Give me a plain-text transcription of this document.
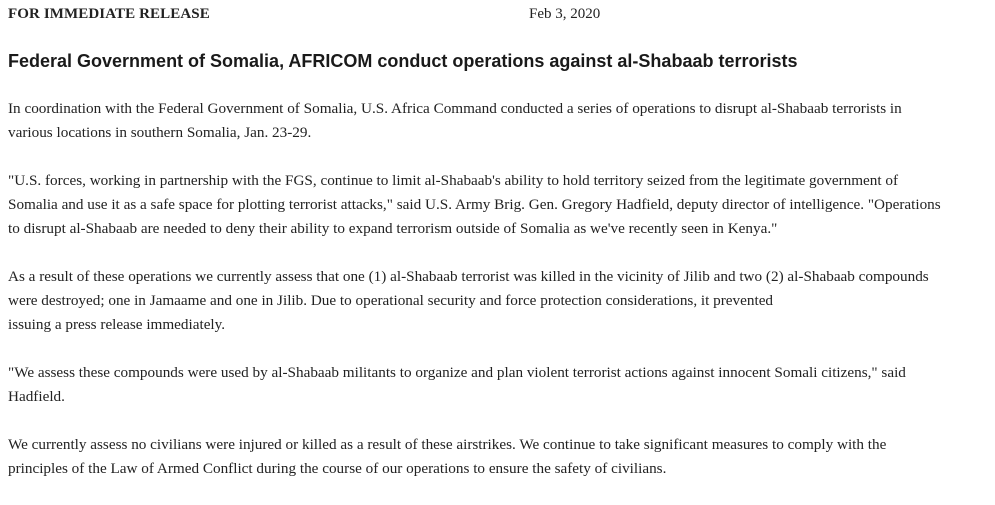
FOR IMMEDIATE RELEASE	Feb 3, 2020
Federal Government of Somalia, AFRICOM conduct operations against al-Shabaab terrorists

In coordination with the Federal Government of Somalia, U.S. Africa Command conducted a series of operations to disrupt al-Shabaab terrorists in
various locations in southern Somalia, Jan. 23-29.

"U.S. forces, working in partnership with the FGS, continue to limit al-Shabaab's ability to hold territory seized from the legitimate government of
Somalia and use it as a safe space for plotting terrorist attacks," said U.S. Army Brig. Gen. Gregory Hadfield, deputy director of intelligence. "Operations
to disrupt al-Shabaab are needed to deny their ability to expand terrorism outside of Somalia as we've recently seen in Kenya."

As a result of these operations we currently assess that one (1) al-Shabaab terrorist was killed in the vicinity of Jilib and two (2) al-Shabaab compounds
were destroyed; one in Jamaame and one in Jilib. Due to operational security and force protection considerations, it prevented
issuing a press release immediately.

"We assess these compounds were used by al-Shabaab militants to organize and plan violent terrorist actions against innocent Somali citizens," said
Hadfield.

We currently assess no civilians were injured or killed as a result of these airstrikes. We continue to take significant measures to comply with the
principles of the Law of Armed Conflict during the course of our operations to ensure the safety of civilians.
